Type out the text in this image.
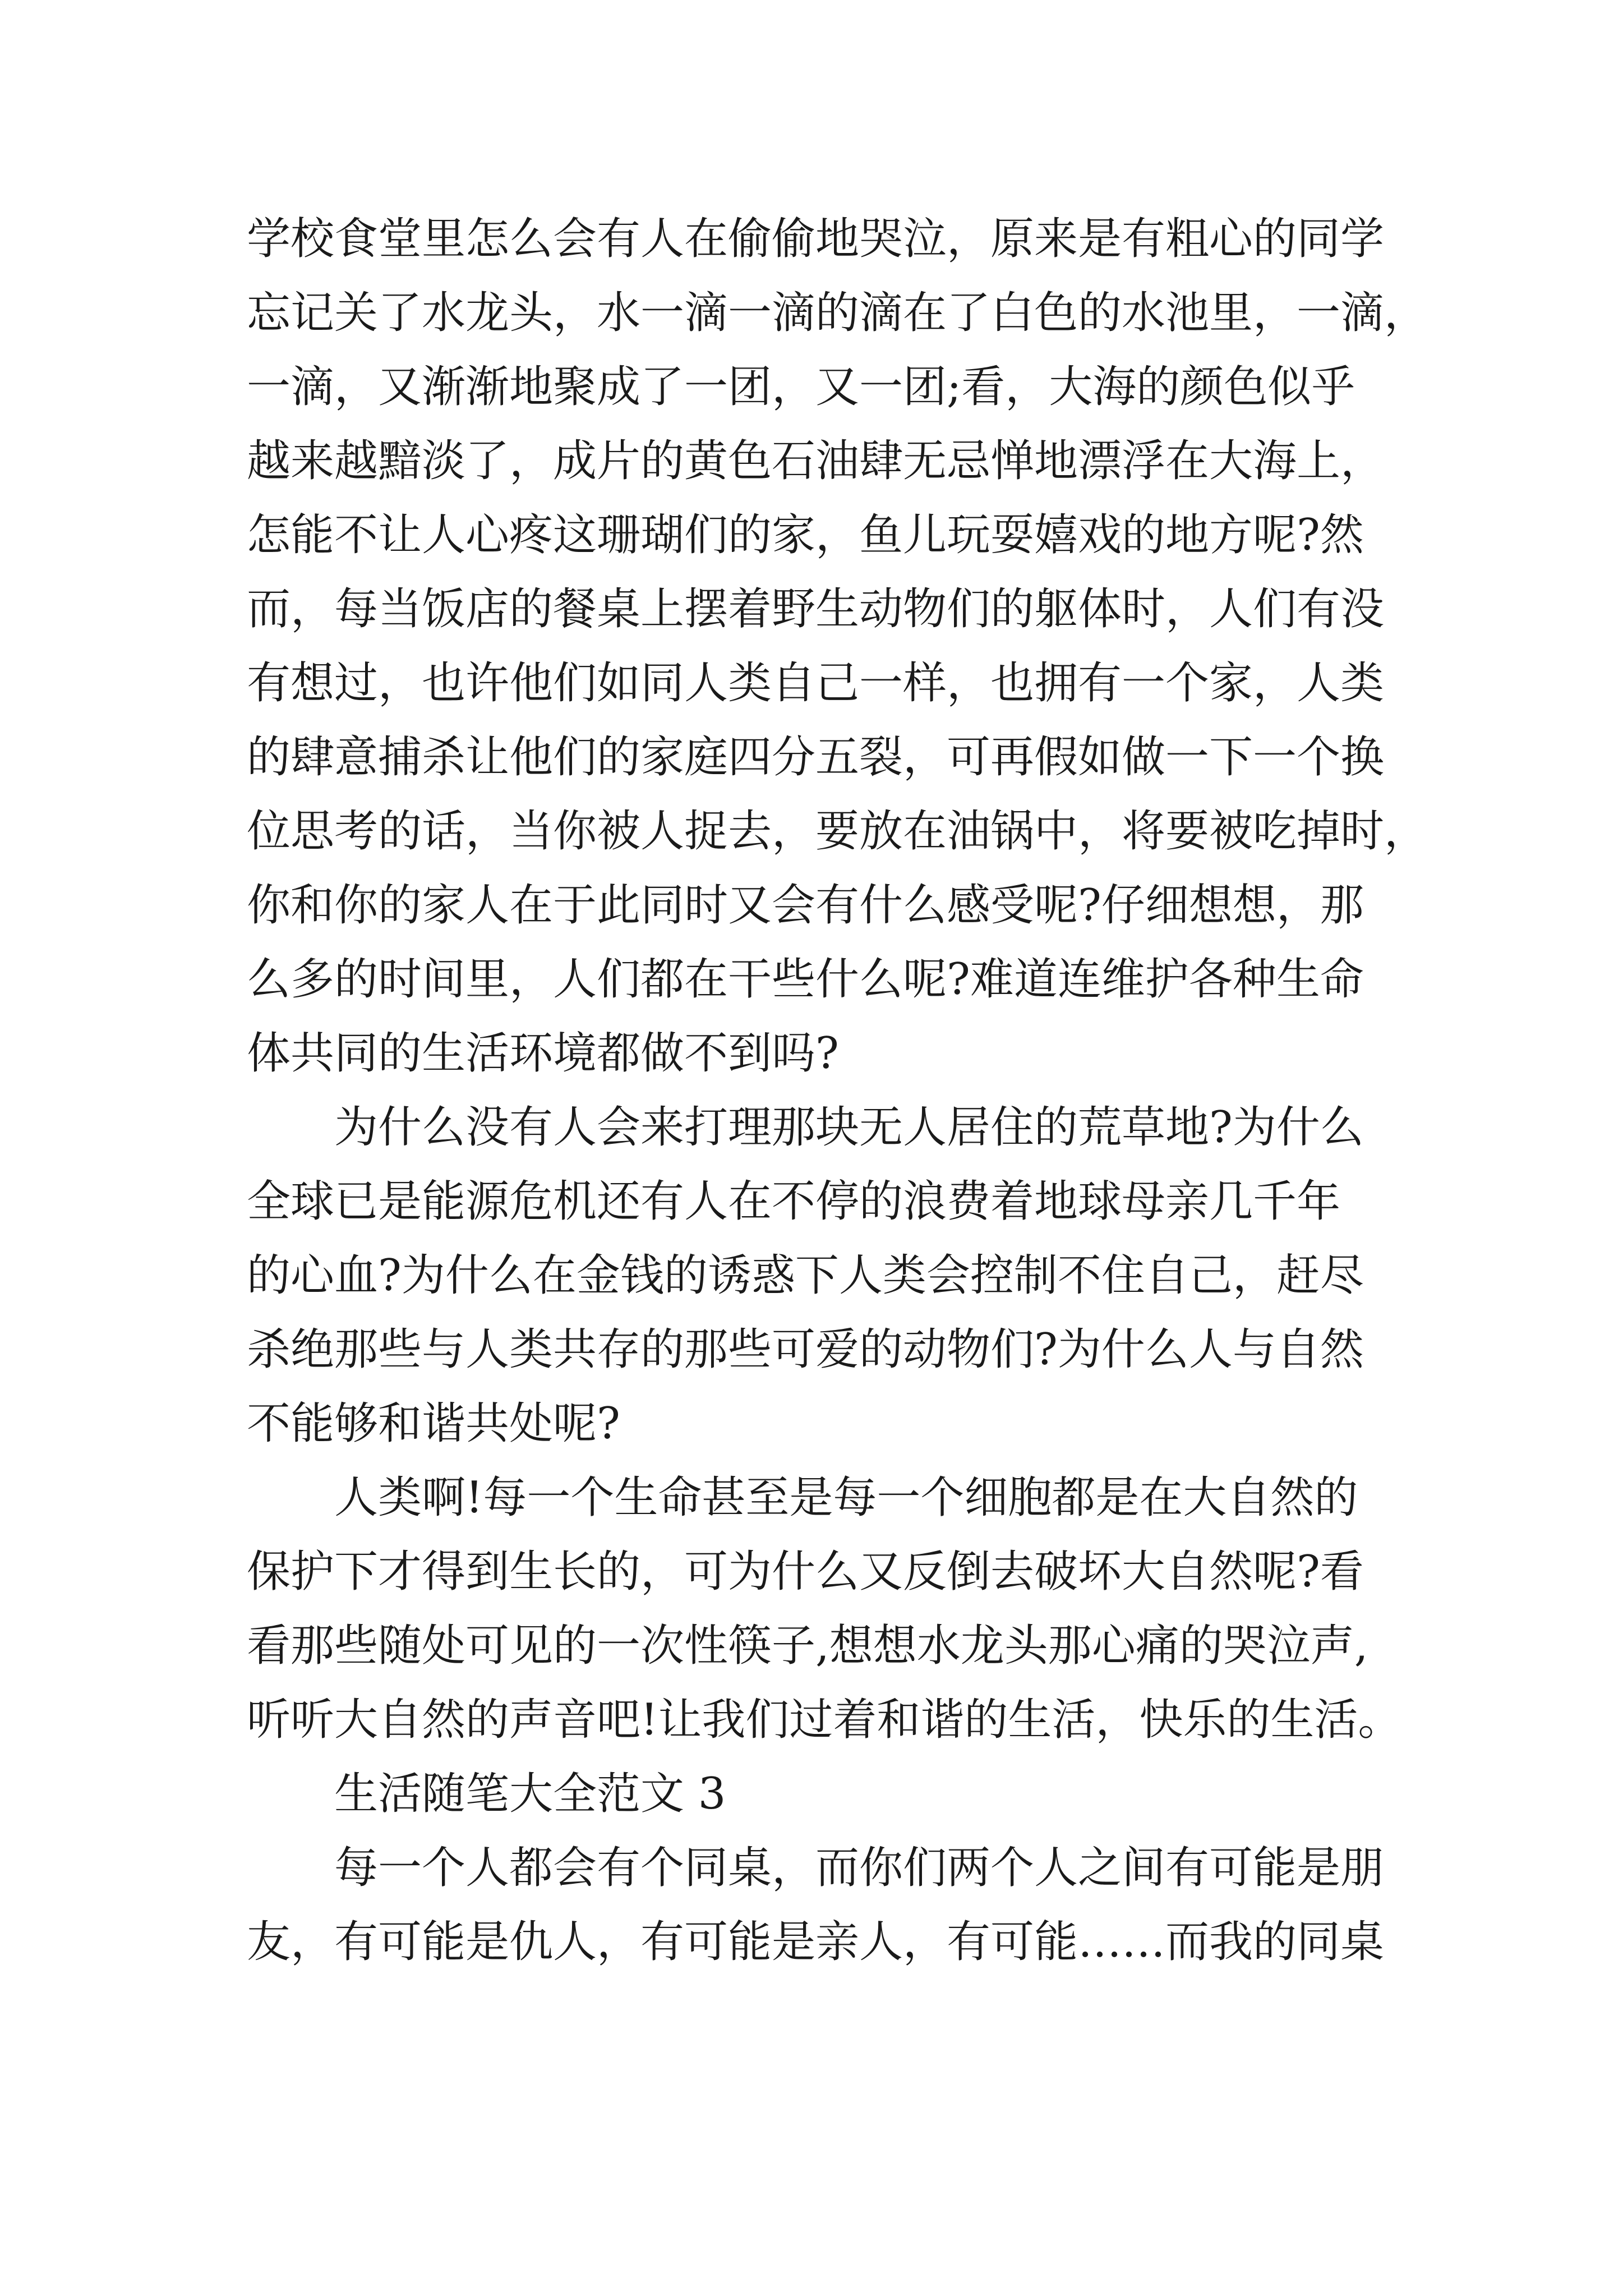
学校食堂里怎么会有人在偷偷地哭泣，原来是有粗心的同学
忘记关了水龙头，水一滴一滴的滴在了白色的水池里，一滴，
一滴，又渐渐地聚成了一团，又一团;看，大海的颜色似乎
越来越黯淡了，成片的黄色石油肆无忌惮地漂浮在大海上，
怎能不让人心疼这珊瑚们的家，鱼儿玩耍嬉戏的地方呢?然
而，每当饭店的餐桌上摆着野生动物们的躯体时，人们有没
有想过，也许他们如同人类自己一样，也拥有一个家，人类
的肆意捕杀让他们的家庭四分五裂，可再假如做一下一个换
位思考的话，当你被人捉去，要放在油锅中，将要被吃掉时，
你和你的家人在于此同时又会有什么感受呢?仔细想想，那
么多的时间里，人们都在干些什么呢?难道连维护各种生命
体共同的生活环境都做不到吗?
为什么没有人会来打理那块无人居住的荒草地?为什么
全球已是能源危机还有人在不停的浪费着地球母亲几千年
的心血?为什么在金钱的诱惑下人类会控制不住自己，赶尽
杀绝那些与人类共存的那些可爱的动物们?为什么人与自然
不能够和谐共处呢?
人类啊!每一个生命甚至是每一个细胞都是在大自然的
保护下才得到生长的，可为什么又反倒去破坏大自然呢?看
看那些随处可见的一次性筷子,想想水龙头那心痛的哭泣声,
听听大自然的声音吧!让我们过着和谐的生活，快乐的生活。
生活随笔大全范文 3
每一个人都会有个同桌，而你们两个人之间有可能是朋
友，有可能是仇人，有可能是亲人，有可能……而我的同桌
